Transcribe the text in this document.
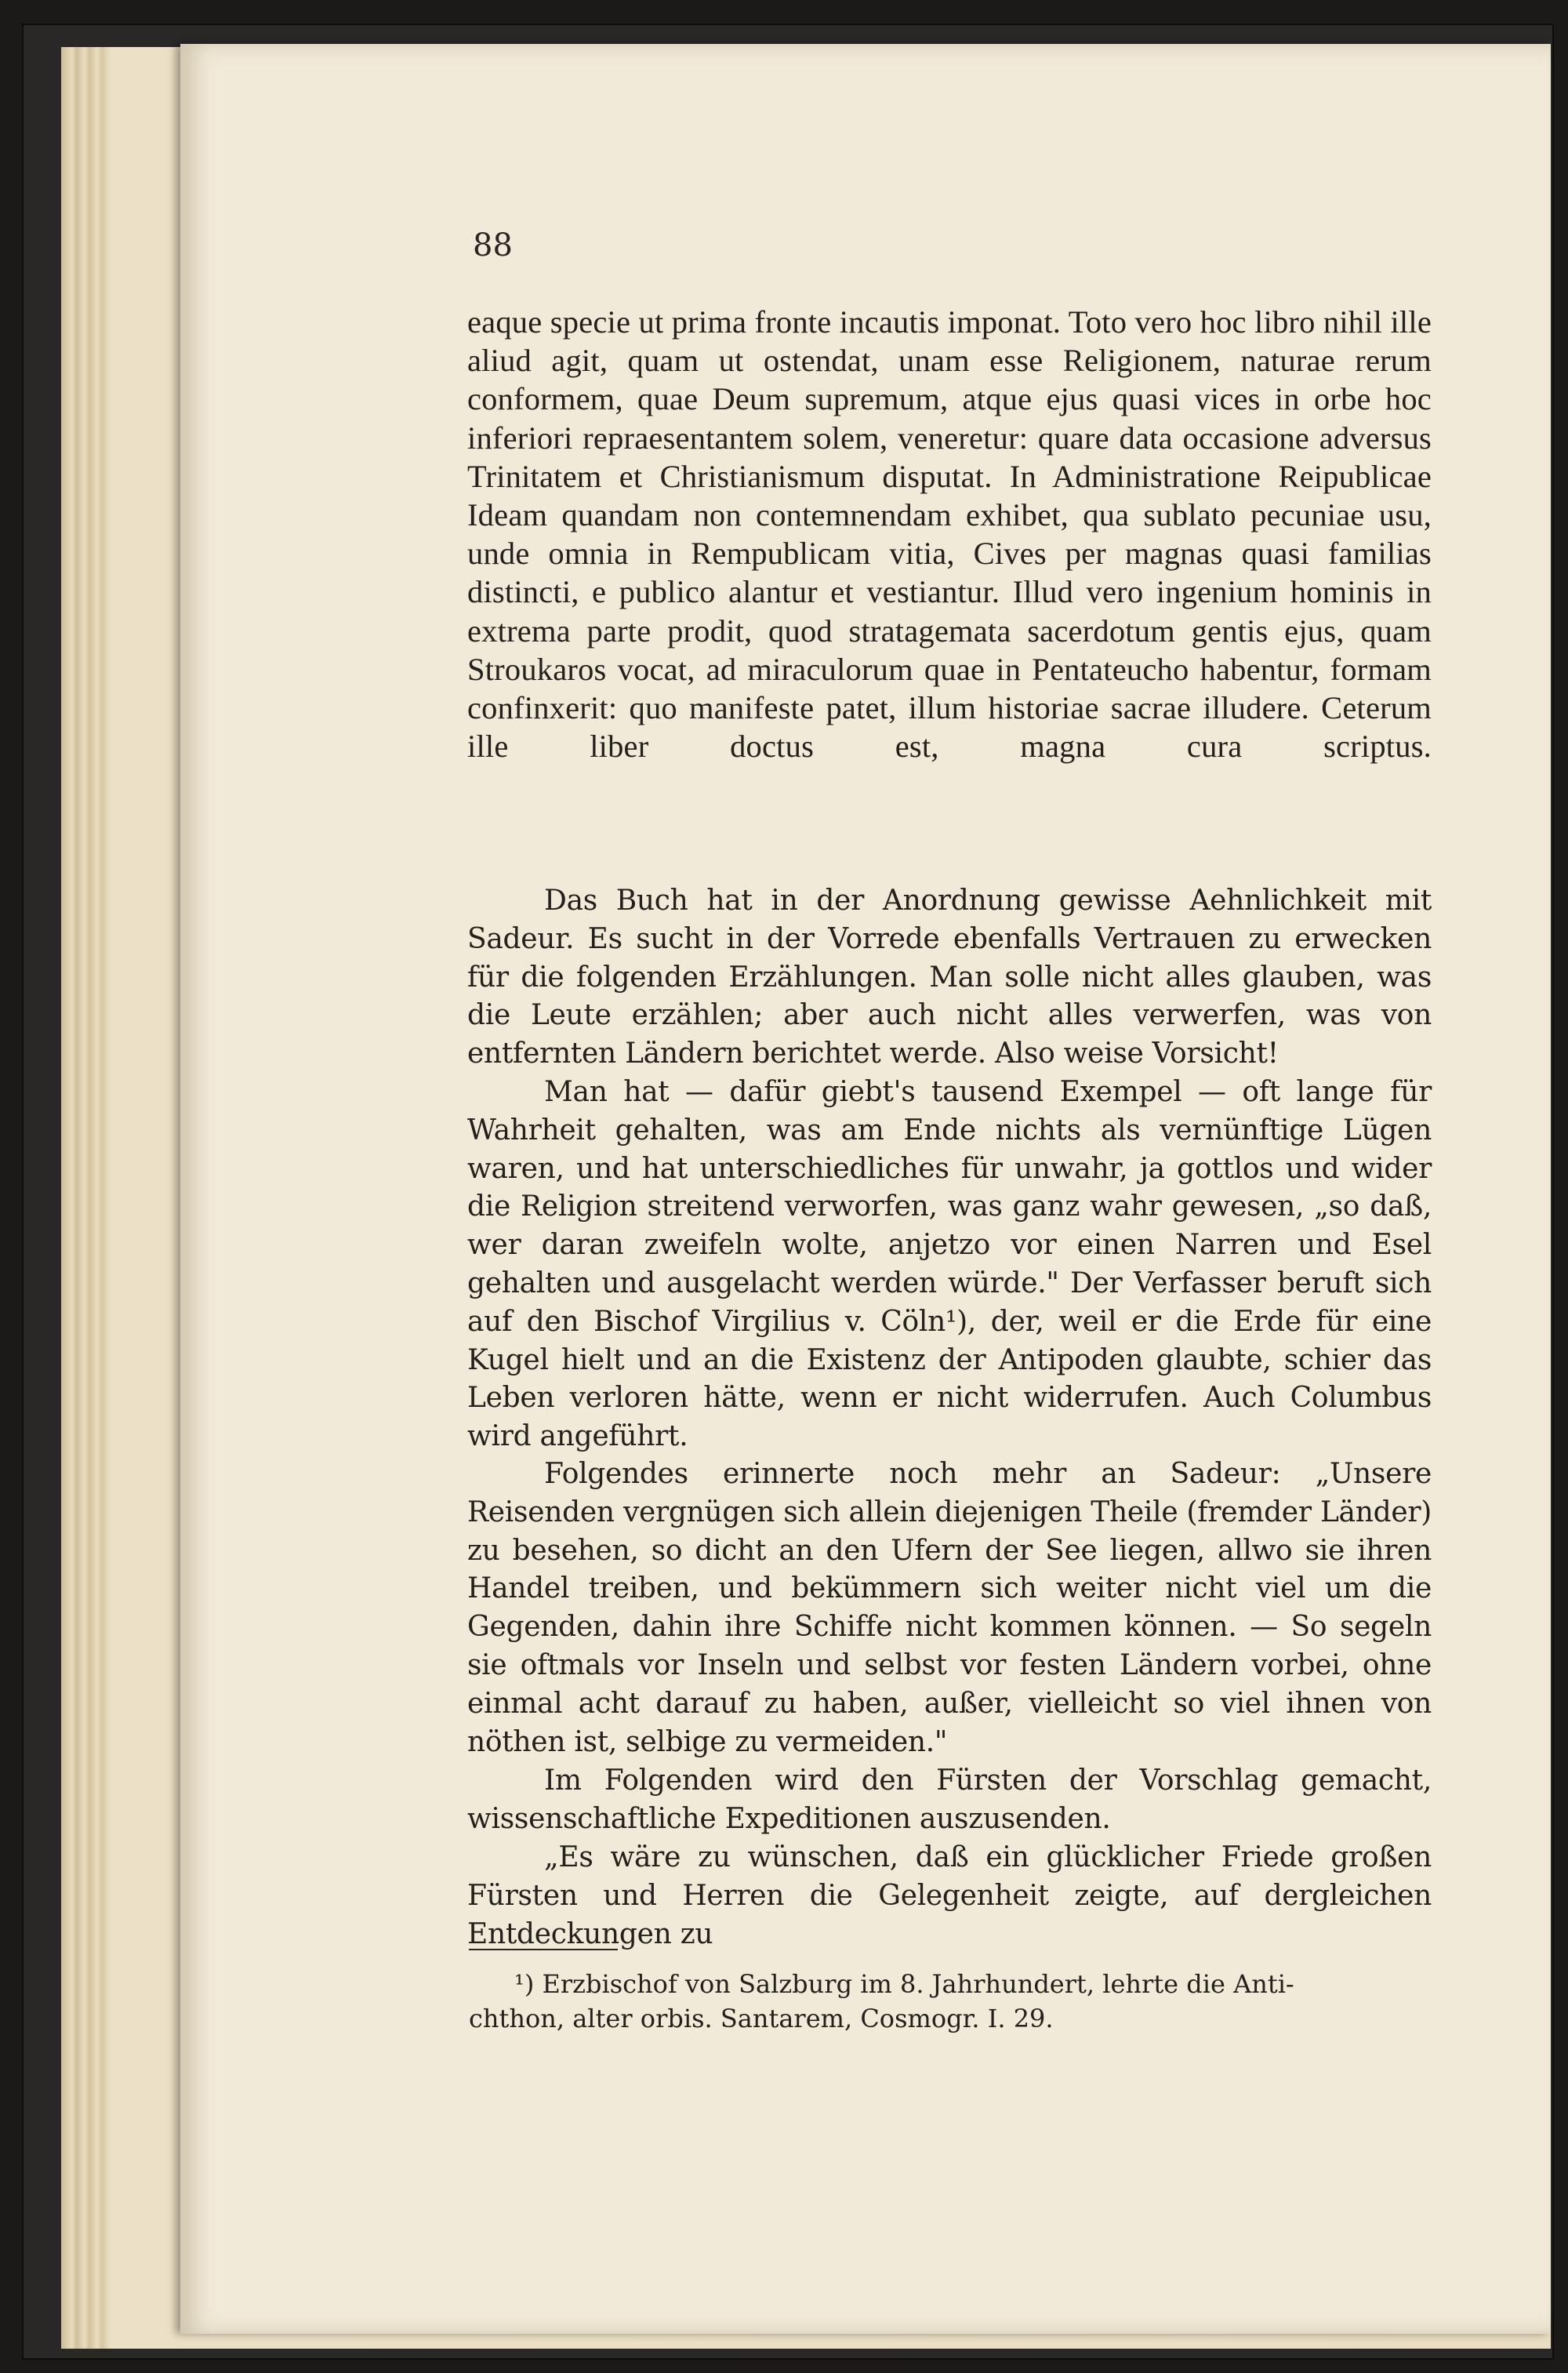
88
eaque specie ut prima fronte incautis imponat. Toto vero hoc libro nihil ille aliud agit, quam ut ostendat, unam esse Religionem, naturae rerum conformem, quae Deum supremum, atque ejus quasi vices in orbe hoc inferiori repraesentantem solem, veneretur: quare data occasione adversus Trinitatem et Christianismum disputat. In Administratione Reipublicae Ideam quandam non contemnendam exhibet, qua sublato pecuniae usu, unde omnia in Rempublicam vitia, Cives per magnas quasi familias distincti, e publico alantur et vestiantur. Illud vero ingenium hominis in extrema parte prodit, quod stratagemata sacerdotum gentis ejus, quam Stroukaros vocat, ad miraculorum quae in Pentateucho habentur, formam confinxerit: quo manifeste patet, illum historiae sacrae illudere. Ceterum ille liber doctus est, magna cura scriptus.
Das Buch hat in der Anordnung gewisse Aehnlichkeit mit Sadeur. Es sucht in der Vorrede ebenfalls Vertrauen zu erwecken für die folgenden Erzählungen. Man solle nicht alles glauben, was die Leute erzählen; aber auch nicht alles verwerfen, was von entfernten Ländern berichtet werde. Also weise Vorsicht!
Man hat — dafür giebt's tausend Exempel — oft lange für Wahrheit gehalten, was am Ende nichts als vernünftige Lügen waren, und hat unterschiedliches für unwahr, ja gottlos und wider die Religion streitend verworfen, was ganz wahr gewesen, „so daß, wer daran zweifeln wolte, anjetzo vor einen Narren und Esel gehalten und ausgelacht werden würde." Der Verfasser beruft sich auf den Bischof Virgilius v. Cöln¹), der, weil er die Erde für eine Kugel hielt und an die Existenz der Antipoden glaubte, schier das Leben verloren hätte, wenn er nicht widerrufen. Auch Columbus wird angeführt.
Folgendes erinnerte noch mehr an Sadeur: „Unsere Reisenden vergnügen sich allein diejenigen Theile (fremder Länder) zu besehen, so dicht an den Ufern der See liegen, allwo sie ihren Handel treiben, und bekümmern sich weiter nicht viel um die Gegenden, dahin ihre Schiffe nicht kommen können. — So segeln sie oftmals vor Inseln und selbst vor festen Ländern vorbei, ohne einmal acht darauf zu haben, außer, vielleicht so viel ihnen von nöthen ist, selbige zu vermeiden."
Im Folgenden wird den Fürsten der Vorschlag gemacht, wissenschaftliche Expeditionen auszusenden.
„Es wäre zu wünschen, daß ein glücklicher Friede großen Fürsten und Herren die Gelegenheit zeigte, auf dergleichen Entdeckungen zu
¹) Erzbischof von Salzburg im 8. Jahrhundert, lehrte die Anti-
chthon, alter orbis. Santarem, Cosmogr. I. 29.
